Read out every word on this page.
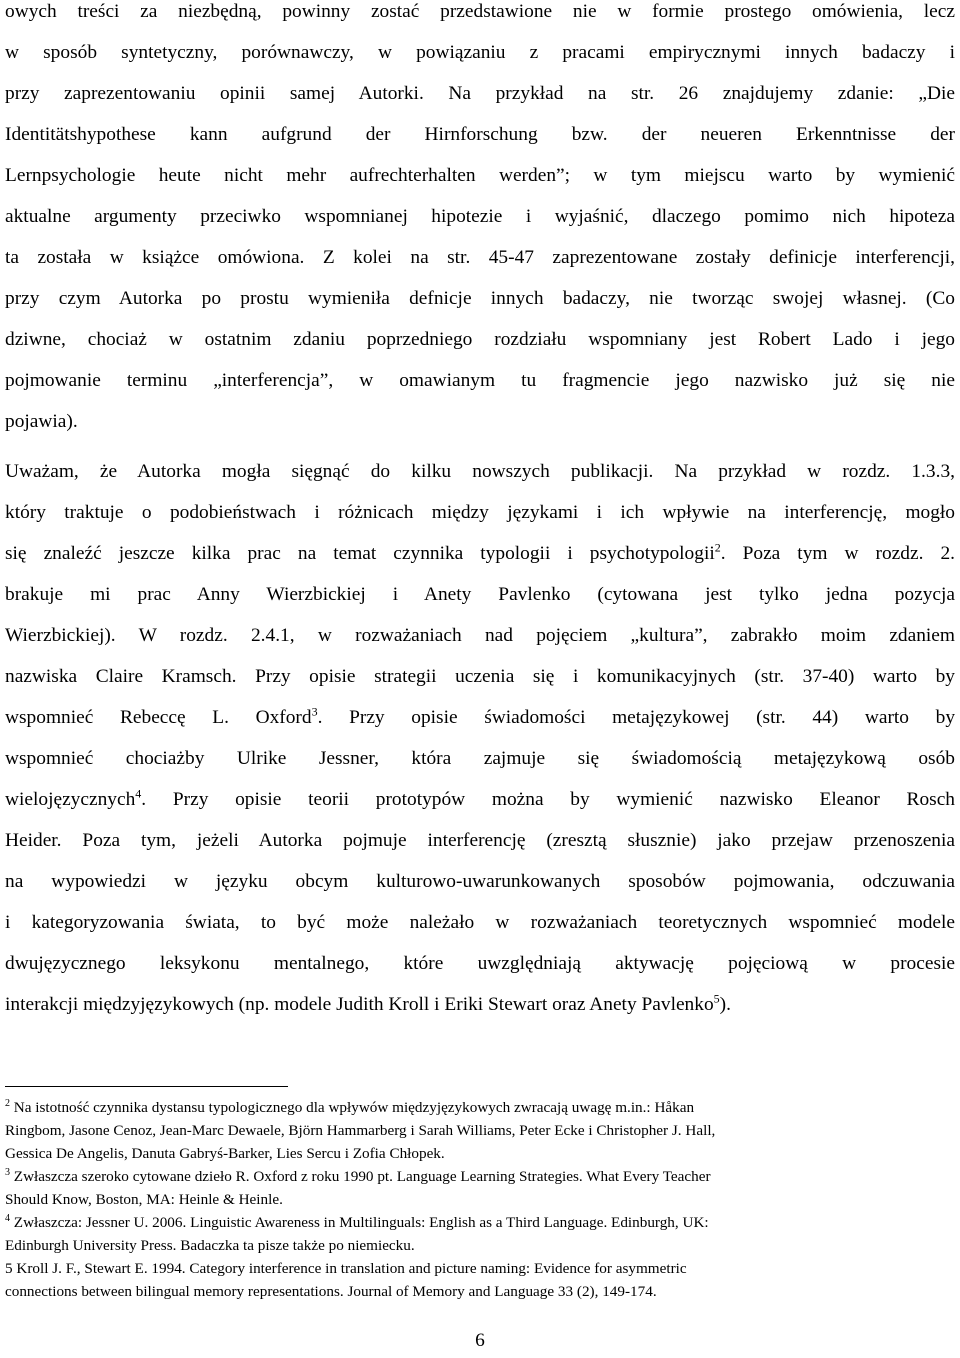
owych treści za niezbędną, powinny zostać przedstawione nie w formie prostego omówienia, lecz
w sposób syntetyczny, porównawczy, w powiązaniu z pracami empirycznymi innych badaczy i
przy zaprezentowaniu opinii samej Autorki. Na przykład na str. 26 znajdujemy zdanie: „Die
Identitätshypothese kann aufgrund der Hirnforschung bzw. der neueren Erkenntnisse der
Lernpsychologie heute nicht mehr aufrechterhalten werden”; w tym miejscu warto by wymienić
aktualne argumenty przeciwko wspomnianej hipotezie i wyjaśnić, dlaczego pomimo nich hipoteza
ta została w książce omówiona. Z kolei na str. 45-47 zaprezentowane zostały definicje interferencji,
przy czym Autorka po prostu wymieniła defnicje innych badaczy, nie tworząc swojej własnej. (Co
dziwne, chociaż w ostatnim zdaniu poprzedniego rozdziału wspomniany jest Robert Lado i jego
pojmowanie terminu „interferencja”, w omawianym tu fragmencie jego nazwisko już się nie
pojawia).

Uważam, że Autorka mogła sięgnąć do kilku nowszych publikacji. Na przykład w rozdz. 1.3.3,
który traktuje o podobieństwach i różnicach między językami i ich wpływie na interferencję, mogło
się znaleźć jeszcze kilka prac na temat czynnika typologii i psychotypologii$^2$. Poza tym w rozdz. 2.
brakuje mi prac Anny Wierzbickiej i Anety Pavlenko (cytowana jest tylko jedna pozycja
Wierzbickiej). W rozdz. 2.4.1, w rozważaniach nad pojęciem „kultura”, zabrakło moim zdaniem
nazwiska Claire Kramsch. Przy opisie strategii uczenia się i komunikacyjnych (str. 37-40) warto by
wspomnieć Rebeccę L. Oxford$^3$. Przy opisie świadomości metajęzykowej (str. 44) warto by
wspomnieć chociażby Ulrike Jessner, która zajmuje się świadomością metajęzykową osób
wielojęzycznych$^4$. Przy opisie teorii prototypów można by wymienić nazwisko Eleanor Rosch
Heider. Poza tym, jeżeli Autorka pojmuje interferencję (zresztą słusznie) jako przejaw przenoszenia
na wypowiedzi w języku obcym kulturowo-uwarunkowanych sposobów pojmowania, odczuwania
i kategoryzowania świata, to być może należało w rozważaniach teoretycznych wspomnieć modele
dwujęzycznego leksykonu mentalnego, które uwzględniają aktywację pojęciową w procesie
interakcji międzyjęzykowych (np. modele Judith Kroll i Eriki Stewart oraz Anety Pavlenko$^5$).

$^2$ Na istotność czynnika dystansu typologicznego dla wpływów międzyjęzykowych zwracają uwagę m.in.: Håkan
Ringbom, Jasone Cenoz, Jean-Marc Dewaele, Björn Hammarberg i Sarah Williams, Peter Ecke i Christopher J. Hall,
Gessica De Angelis, Danuta Gabryś-Barker, Lies Sercu i Zofia Chłopek.
$^3$ Zwłaszcza szeroko cytowane dzieło R. Oxford z roku 1990 pt. Language Learning Strategies. What Every Teacher
Should Know, Boston, MA: Heinle & Heinle.
$^4$ Zwłaszcza: Jessner U. 2006. Linguistic Awareness in Multilinguals: English as a Third Language. Edinburgh, UK:
Edinburgh University Press. Badaczka ta pisze także po niemiecku.
5 Kroll J. F., Stewart E. 1994. Category interference in translation and picture naming: Evidence for asymmetric
connections between bilingual memory representations. Journal of Memory and Language 33 (2), 149-174.
6
